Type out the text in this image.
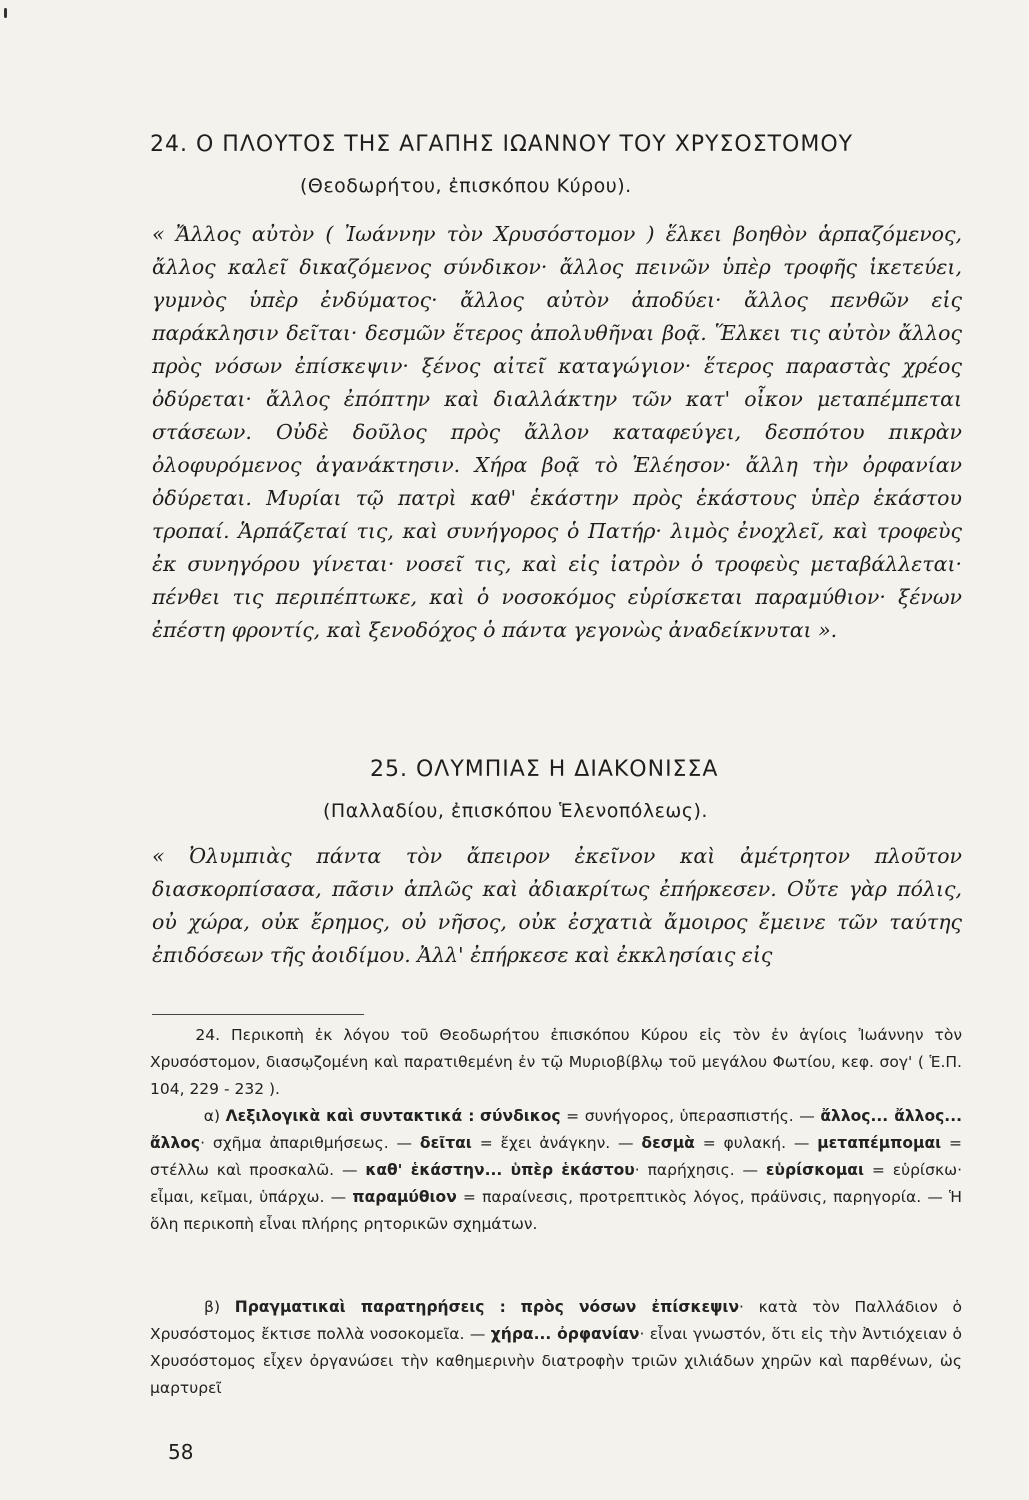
24. Ο ΠΛΟΥΤΟΣ ΤΗΣ ΑΓΑΠΗΣ ΙΩΑΝΝΟΥ ΤΟΥ ΧΡΥΣΟΣΤΟΜΟΥ
(Θεοδωρήτου, ἐπισκόπου Κύρου).
« Ἄλλος αὐτὸν ( Ἰωάννην τὸν Χρυσόστομον ) ἕλκει βοηθὸν ἁρπαζόμενος, ἄλλος καλεῖ δικαζόμενος σύνδικον· ἄλλος πεινῶν ὑπὲρ τροφῆς ἱκετεύει, γυμνὸς ὑπὲρ ἐνδύματος· ἄλλος αὐτὸν ἀποδύει· ἄλλος πενθῶν εἰς παράκλησιν δεῖται· δεσμῶν ἕτερος ἀπολυθῆναι βοᾷ. Ἕλκει τις αὐτὸν ἄλλος πρὸς νόσων ἐπίσκεψιν· ξένος αἰτεῖ καταγώγιον· ἕτερος παραστὰς χρέος ὀδύρεται· ἄλλος ἐπόπτην καὶ διαλλάκτην τῶν κατ' οἶκον μεταπέμπεται στάσεων. Οὐδὲ δοῦλος πρὸς ἄλλον καταφεύγει, δεσπότου πικρὰν ὀλοφυρόμενος ἀγανάκτησιν. Χήρα βοᾷ τὸ Ἐλέησον· ἄλλη τὴν ὀρφανίαν ὀδύρεται. Μυρίαι τῷ πατρὶ καθ' ἑκάστην πρὸς ἑκάστους ὑπὲρ ἑκάστου τροπαί. Ἁρπάζεταί τις, καὶ συνήγορος ὁ Πατήρ· λιμὸς ἐνοχλεῖ, καὶ τροφεὺς ἐκ συνηγόρου γίνεται· νοσεῖ τις, καὶ εἰς ἰατρὸν ὁ τροφεὺς μεταβάλλεται· πένθει τις περιπέπτωκε, καὶ ὁ νοσοκόμος εὑρίσκεται παραμύθιον· ξένων ἐπέστη φροντίς, καὶ ξενοδόχος ὁ πάντα γεγονὼς ἀναδείκνυται ».
25. ΟΛΥΜΠΙΑΣ Η ΔΙΑΚΟΝΙΣΣΑ
(Παλλαδίου, ἐπισκόπου Ἑλενοπόλεως).
« Ὀλυμπιὰς πάντα τὸν ἄπειρον ἐκεῖνον καὶ ἀμέτρητον πλοῦτον διασκορπίσασα, πᾶσιν ἁπλῶς καὶ ἀδιακρίτως ἐπήρκεσεν. Οὔτε γὰρ πόλις, οὐ χώρα, οὐκ ἔρημος, οὐ νῆσος, οὐκ ἐσχατιὰ ἄμοιρος ἔμεινε τῶν ταύτης ἐπιδόσεων τῆς ἀοιδίμου. Ἀλλ' ἐπήρκεσε καὶ ἐκκλησίαις εἰς
24. Περικοπὴ ἐκ λόγου τοῦ Θεοδωρήτου ἐπισκόπου Κύρου εἰς τὸν ἐν ἁγίοις Ἰωάννην τὸν Χρυσόστομον, διασῳζομένη καὶ παρατιθεμένη ἐν τῷ Μυριοβίβλῳ τοῦ μεγάλου Φωτίου, κεφ. σογ' ( Ἑ.Π. 104, 229 - 232 ).
α) Λεξιλογικὰ καὶ συντακτικά : σύνδικος = συνήγορος, ὑπερασπιστής. — ἄλλος... ἄλλος... ἄλλος· σχῆμα ἀπαριθμήσεως. — δεῖται = ἔχει ἀνάγκην. — δεσμὰ = φυλακή. — μεταπέμπομαι = στέλλω καὶ προσκαλῶ. — καθ' ἑκάστην... ὑπὲρ ἑκάστου· παρήχησις. — εὑρίσκομαι = εὑρίσκω· εἶμαι, κεῖμαι, ὑπάρχω. — παραμύθιον = παραίνεσις, προτρεπτικὸς λόγος, πράϋνσις, παρηγορία. — Ἡ ὅλη περικοπὴ εἶναι πλήρης ρητορικῶν σχημάτων.
β) Πραγματικαὶ παρατηρήσεις : πρὸς νόσων ἐπίσκεψιν· κατὰ τὸν Παλλάδιον ὁ Χρυσόστομος ἔκτισε πολλὰ νοσοκομεῖα. — χήρα... ὀρφανίαν· εἶναι γνωστόν, ὅτι εἰς τὴν Ἀντιόχειαν ὁ Χρυσόστομος εἶχεν ὀργανώσει τὴν καθημερινὴν διατροφὴν τριῶν χιλιάδων χηρῶν καὶ παρθένων, ὡς μαρτυρεῖ
58
